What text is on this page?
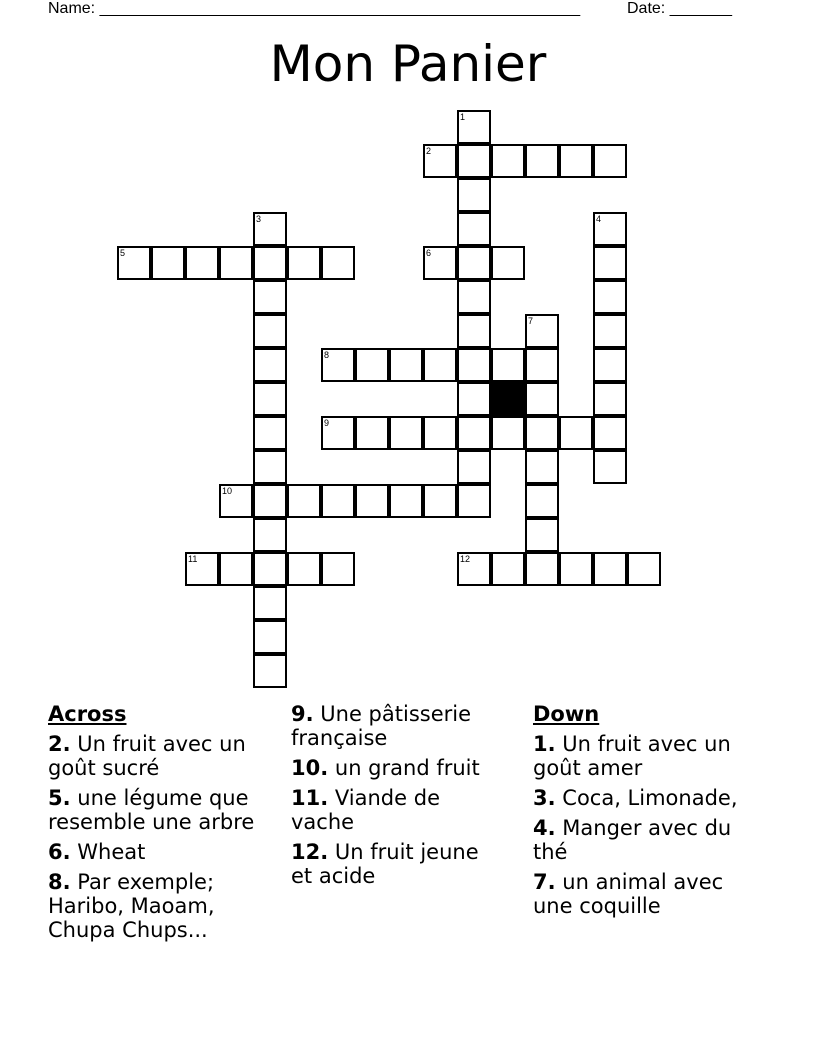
Name: ______________________________________________________	Date: _______
Mon Panier
1
2
3	4
5	6
7
8
9
10
11	12
Across
2. Un fruit avec un goût sucré
5. une légume que resemble une arbre
6. Wheat
8. Par exemple; Haribo, Maoam, Chupa Chups...
9. Une pâtisserie française
10. un grand fruit
11. Viande de vache
12. Un fruit jeune et acide
Down
1. Un fruit avec un goût amer
3. Coca, Limonade,
4. Manger avec du thé
7. un animal avec une coquille
